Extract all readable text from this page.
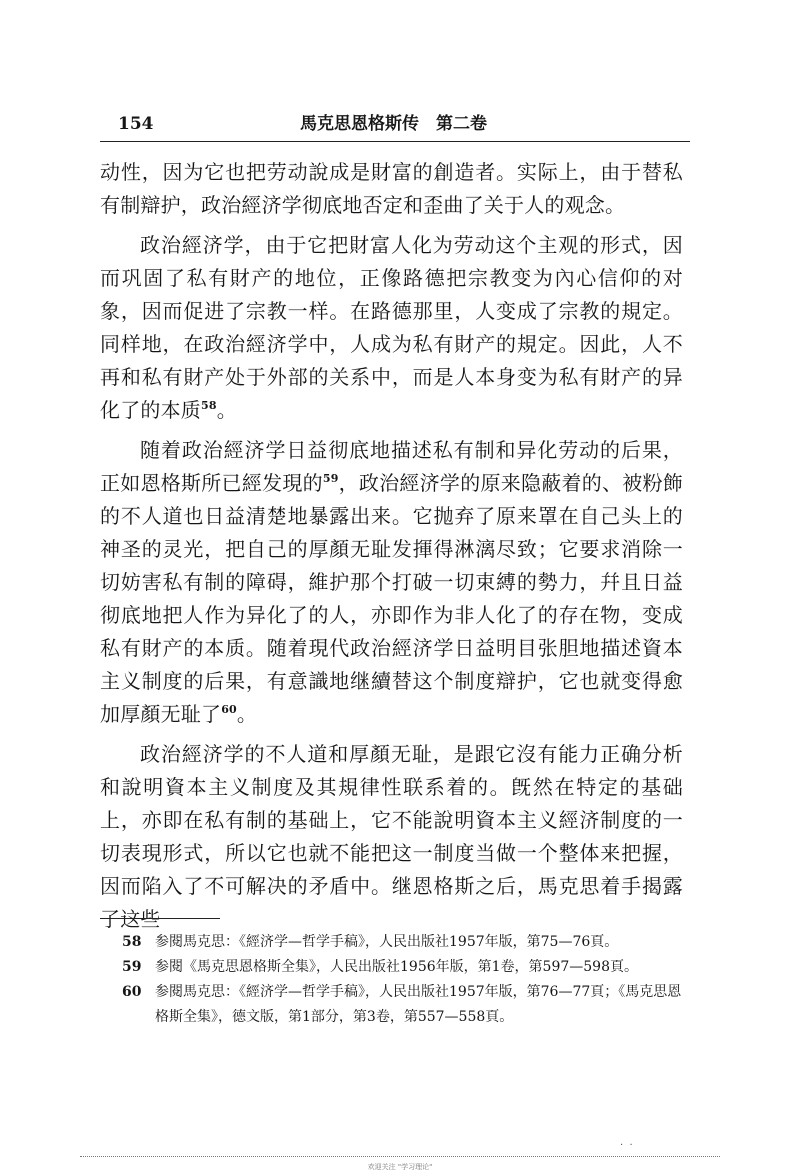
154	馬克思恩格斯传　第二卷

动性，因为它也把劳动說成是財富的創造者。实际上，由于替私有制辯护，政治經济学彻底地否定和歪曲了关于人的观念。

政治經济学，由于它把財富人化为劳动这个主观的形式，因而巩固了私有財产的地位，正像路德把宗教变为內心信仰的对象，因而促进了宗教一样。在路德那里，人变成了宗教的規定。同样地，在政治經济学中，人成为私有財产的規定。因此，人不再和私有財产处于外部的关系中，而是人本身变为私有財产的异化了的本质$^{58}$。

随着政治經济学日益彻底地描述私有制和异化劳动的后果，正如恩格斯所已經发現的$^{59}$，政治經济学的原来隐蔽着的、被粉飾的不人道也日益清楚地暴露出来。它抛弃了原来罩在自己头上的神圣的灵光，把自己的厚顏无耻发揮得淋漓尽致；它要求消除一切妨害私有制的障碍，維护那个打破一切束縛的勢力，幷且日益彻底地把人作为异化了的人，亦即作为非人化了的存在物，变成私有財产的本质。随着現代政治經济学日益明目张胆地描述資本主义制度的后果，有意識地继續替这个制度辯护，它也就变得愈加厚顏无耻了$^{60}$。

政治經济学的不人道和厚顏无耻，是跟它沒有能力正确分析和說明資本主义制度及其規律性联系着的。旣然在特定的基础上，亦即在私有制的基础上，它不能說明資本主义經济制度的一切表現形式，所以它也就不能把这一制度当做一个整体来把握，因而陷入了不可解决的矛盾中。继恩格斯之后，馬克思着手揭露了这些

58 参閱馬克思：《經济学—哲学手稿》，人民出版社1957年版，第75—76頁。

59 参閱《馬克思恩格斯全集》，人民出版社1956年版，第1卷，第597—598頁。

60 参閱馬克思：《經济学—哲学手稿》，人民出版社1957年版，第76—77頁；《馬克思恩格斯全集》，德文版，第1部分，第3卷，第557—558頁。

·  ·
欢迎关注 "学习理论"
